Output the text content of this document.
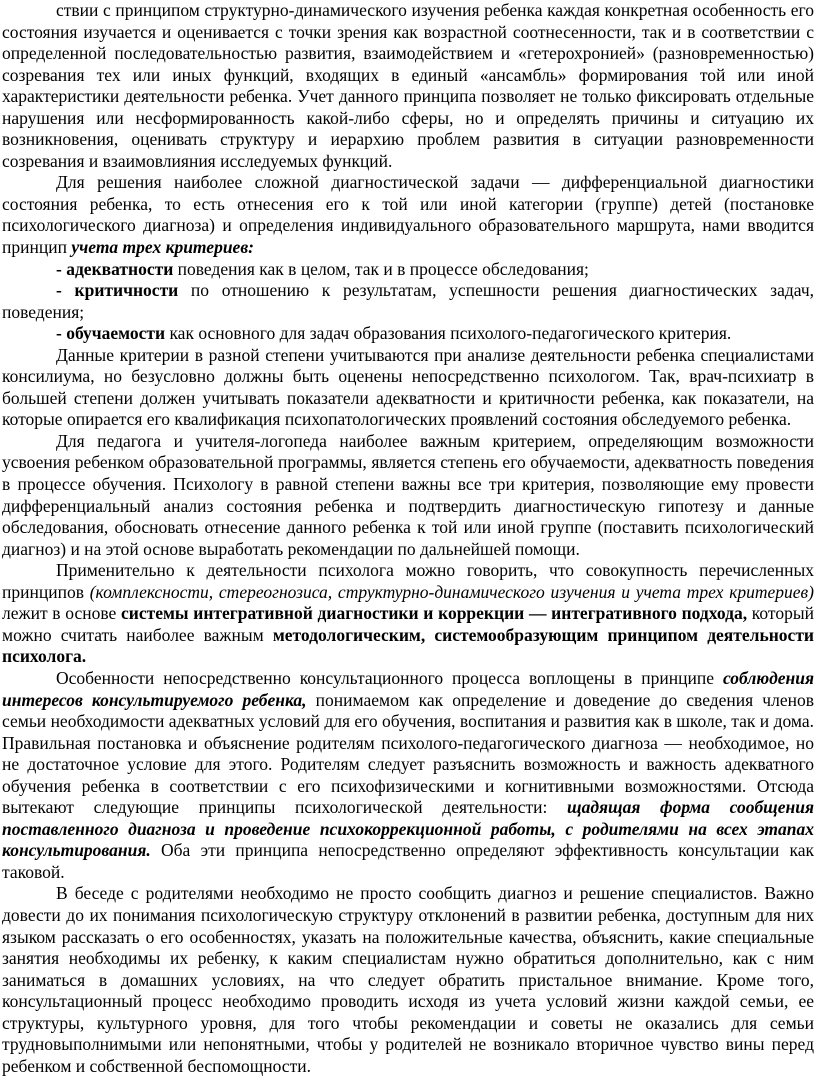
ствии с принципом структурно-динамического изучения ребенка каждая конкретная особенность его состояния изучается и оценивается с точки зрения как возрастной соотнесенности, так и в соответствии с определенной последовательностью развития, взаимодействием и «гетерохронией» (разновременностью) созревания тех или иных функций, входящих в единый «ансамбль» формирования той или иной характеристики деятельности ребенка. Учет данного принципа позволяет не только фиксировать отдельные нарушения или несформированность какой-либо сферы, но и определять причины и ситуацию их возникновения, оценивать структуру и иерархию проблем развития в ситуации разновременности созревания и взаимовлияния исследуемых функций.

Для решения наиболее сложной диагностической задачи — дифференциальной диагностики состояния ребенка, то есть отнесения его к той или иной категории (группе) детей (постановке психологического диагноза) и определения индивидуального образовательного маршрута, нами вводится принцип учета трех критериев:

- адекватности поведения как в целом, так и в процессе обследования;

- критичности по отношению к результатам, успешности решения диагностических задач, поведения;

- обучаемости как основного для задач образования психолого-педагогического критерия.

Данные критерии в разной степени учитываются при анализе деятельности ребенка специалистами консилиума, но безусловно должны быть оценены непосредственно психологом. Так, врач-психиатр в большей степени должен учитывать показатели адекватности и критичности ребенка, как показатели, на которые опирается его квалификация психопатологических проявлений состояния обследуемого ребенка.

Для педагога и учителя-логопеда наиболее важным критерием, определяющим возможности усвоения ребенком образовательной программы, является степень его обучаемости, адекватность поведения в процессе обучения. Психологу в равной степени важны все три критерия, позволяющие ему провести дифференциальный анализ состояния ребенка и подтвердить диагностическую гипотезу и данные обследования, обосновать отнесение данного ребенка к той или иной группе (поставить психологический диагноз) и на этой основе выработать рекомендации по дальнейшей помощи.

Применительно к деятельности психолога можно говорить, что совокупность перечисленных принципов (комплексности, стереогнозиса, структурно-динамического изучения и учета трех критериев) лежит в основе системы интегративной диагностики и коррекции — интегративного подхода, который можно считать наиболее важным методологическим, системообразующим принципом деятельности психолога.

Особенности непосредственно консультационного процесса воплощены в принципе соблюдения интересов консультируемого ребенка, понимаемом как определение и доведение до сведения членов семьи необходимости адекватных условий для его обучения, воспитания и развития как в школе, так и дома. Правильная постановка и объяснение родителям психолого-педагогического диагноза — необходимое, но не достаточное условие для этого. Родителям следует разъяснить возможность и важность адекватного обучения ребенка в соответствии с его психофизическими и когнитивными возможностями. Отсюда вытекают следующие принципы психологической деятельности: щадящая форма сообщения поставленного диагноза и проведение психокоррекционной работы, с родителями на всех этапах консультирования. Оба эти принципа непосредственно определяют эффективность консультации как таковой.

В беседе с родителями необходимо не просто сообщить диагноз и решение специалистов. Важно довести до их понимания психологическую структуру отклонений в развитии ребенка, доступным для них языком рассказать о его особенностях, указать на положительные качества, объяснить, какие специальные занятия необходимы их ребенку, к каким специалистам нужно обратиться дополнительно, как с ним заниматься в домашних условиях, на что следует обратить пристальное внимание. Кроме того, консультационный процесс необходимо проводить исходя из учета условий жизни каждой семьи, ее структуры, культурного уровня, для того чтобы рекомендации и советы не оказались для семьи трудновыполнимыми или непонятными, чтобы у родителей не возникало вторичное чувство вины перед ребенком и собственной беспомощности.
